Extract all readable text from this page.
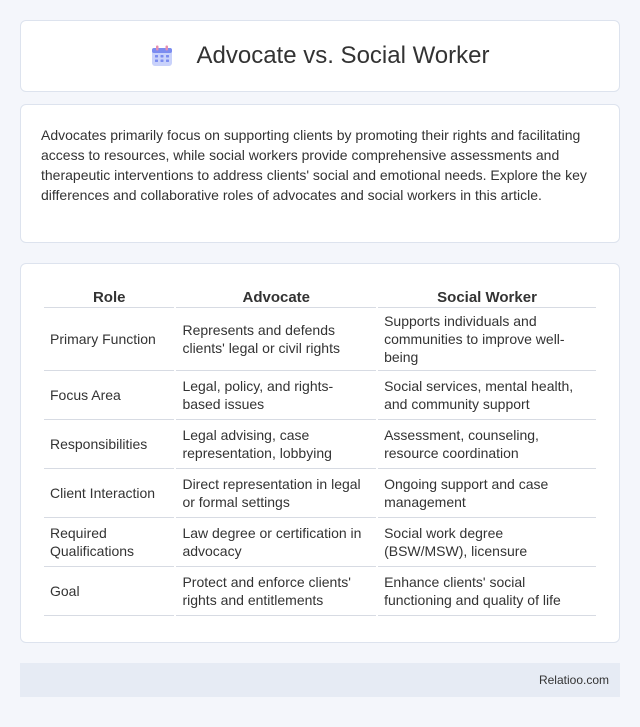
Advocate vs. Social Worker

Advocates primarily focus on supporting clients by promoting their rights and facilitating access to resources, while social workers provide comprehensive assessments and therapeutic interventions to address clients' social and emotional needs. Explore the key differences and collaborative roles of advocates and social workers in this article.

Role	Advocate	Social Worker
Primary Function	Represents and defends clients' legal or civil rights	Supports individuals and communities to improve well-being
Focus Area	Legal, policy, and rights-based issues	Social services, mental health, and community support
Responsibilities	Legal advising, case representation, lobbying	Assessment, counseling, resource coordination
Client Interaction	Direct representation in legal or formal settings	Ongoing support and case management
Required Qualifications	Law degree or certification in advocacy	Social work degree (BSW/MSW), licensure
Goal	Protect and enforce clients' rights and entitlements	Enhance clients' social functioning and quality of life
Relatioo.com
